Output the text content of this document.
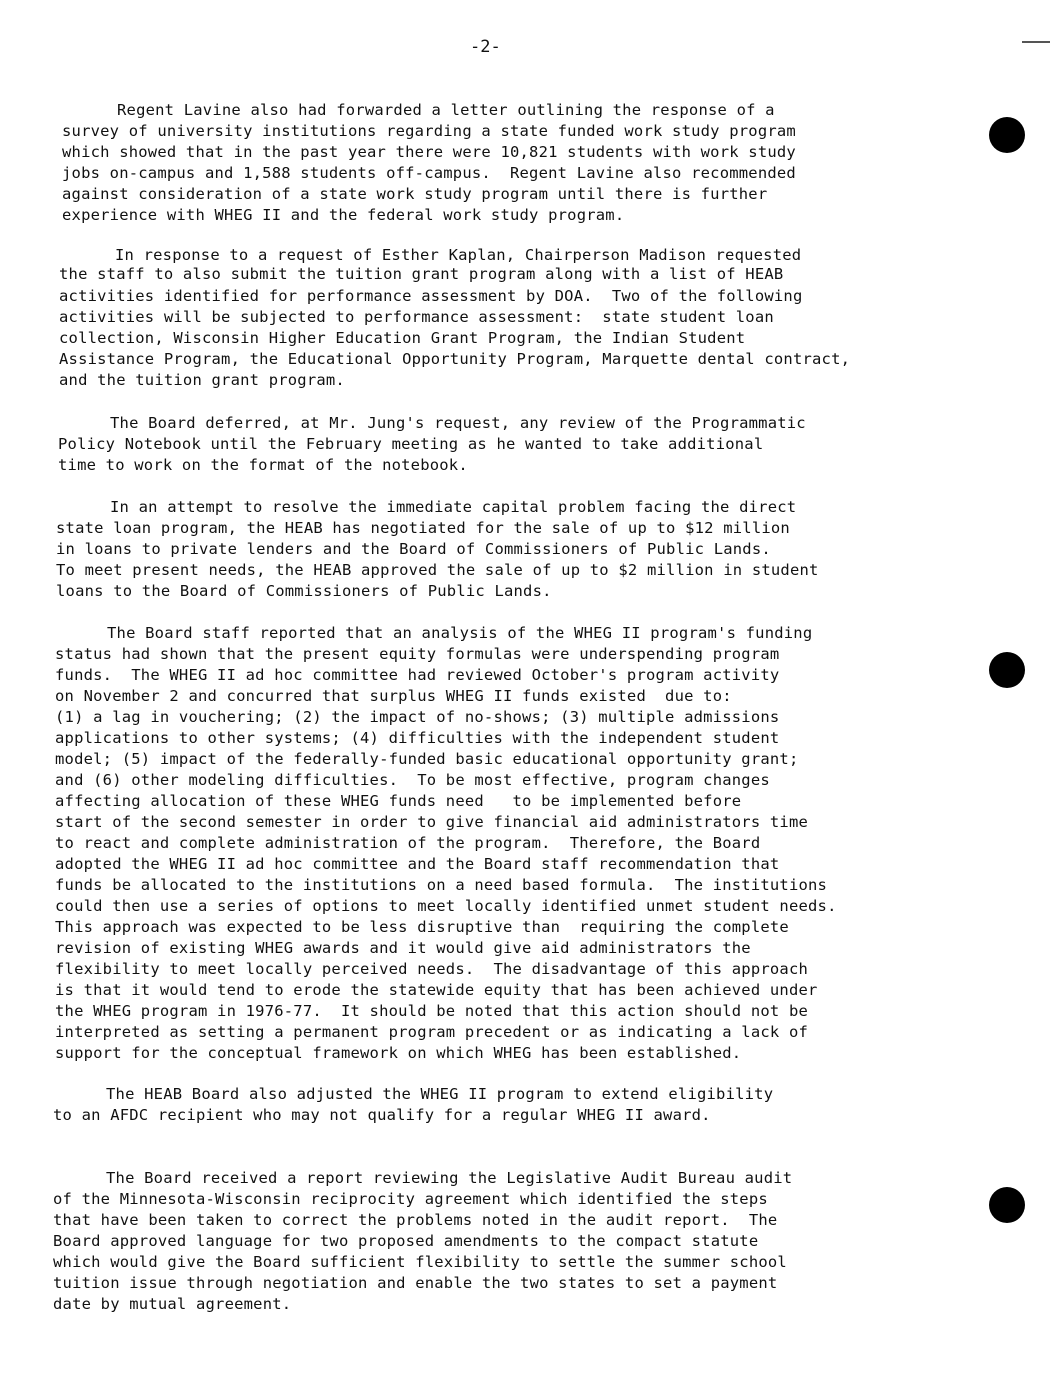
-2-
Regent Lavine also had forwarded a letter outlining the response of a
survey of university institutions regarding a state funded work study program
which showed that in the past year there were 10,821 students with work study
jobs on-campus and 1,588 students off-campus.  Regent Lavine also recommended
against consideration of a state work study program until there is further
experience with WHEG II and the federal work study program.
In response to a request of Esther Kaplan, Chairperson Madison requested
the staff to also submit the tuition grant program along with a list of HEAB
activities identified for performance assessment by DOA.  Two of the following
activities will be subjected to performance assessment:  state student loan
collection, Wisconsin Higher Education Grant Program, the Indian Student
Assistance Program, the Educational Opportunity Program, Marquette dental contract,
and the tuition grant program.
The Board deferred, at Mr. Jung's request, any review of the Programmatic
Policy Notebook until the February meeting as he wanted to take additional
time to work on the format of the notebook.
In an attempt to resolve the immediate capital problem facing the direct
state loan program, the HEAB has negotiated for the sale of up to $12 million
in loans to private lenders and the Board of Commissioners of Public Lands.
To meet present needs, the HEAB approved the sale of up to $2 million in student
loans to the Board of Commissioners of Public Lands.
The Board staff reported that an analysis of the WHEG II program's funding
status had shown that the present equity formulas were underspending program
funds.  The WHEG II ad hoc committee had reviewed October's program activity
on November 2 and concurred that surplus WHEG II funds existed  due to:
(1) a lag in vouchering; (2) the impact of no-shows; (3) multiple admissions
applications to other systems; (4) difficulties with the independent student
model; (5) impact of the federally-funded basic educational opportunity grant;
and (6) other modeling difficulties.  To be most effective, program changes
affecting allocation of these WHEG funds need   to be implemented before
start of the second semester in order to give financial aid administrators time
to react and complete administration of the program.  Therefore, the Board
adopted the WHEG II ad hoc committee and the Board staff recommendation that
funds be allocated to the institutions on a need based formula.  The institutions
could then use a series of options to meet locally identified unmet student needs.
This approach was expected to be less disruptive than  requiring the complete
revision of existing WHEG awards and it would give aid administrators the
flexibility to meet locally perceived needs.  The disadvantage of this approach
is that it would tend to erode the statewide equity that has been achieved under
the WHEG program in 1976-77.  It should be noted that this action should not be
interpreted as setting a permanent program precedent or as indicating a lack of
support for the conceptual framework on which WHEG has been established.
The HEAB Board also adjusted the WHEG II program to extend eligibility
to an AFDC recipient who may not qualify for a regular WHEG II award.
The Board received a report reviewing the Legislative Audit Bureau audit
of the Minnesota-Wisconsin reciprocity agreement which identified the steps
that have been taken to correct the problems noted in the audit report.  The
Board approved language for two proposed amendments to the compact statute
which would give the Board sufficient flexibility to settle the summer school
tuition issue through negotiation and enable the two states to set a payment
date by mutual agreement.
